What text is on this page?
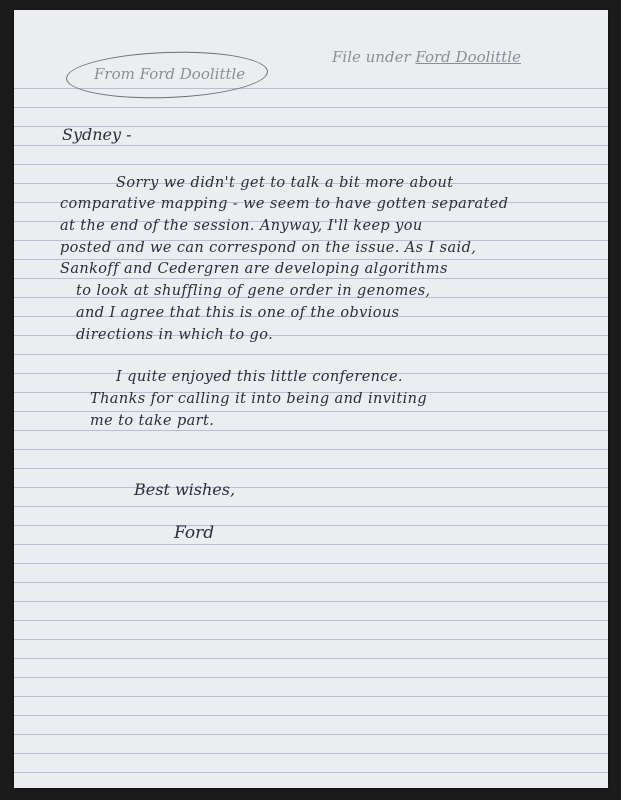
From Ford Doolittle
File under Ford Doolittle
Sydney -
Sorry we didn't get to talk a bit more about
comparative mapping - we seem to have gotten separated
at the end of the session. Anyway, I'll keep you
posted and we can correspond on the issue. As I said,
Sankoff and Cedergren are developing algorithms
to look at shuffling of gene order in genomes,
and I agree that this is one of the obvious
directions in which to go.
I quite enjoyed this little conference.
Thanks for calling it into being and inviting
me to take part.
Best wishes,
Ford
